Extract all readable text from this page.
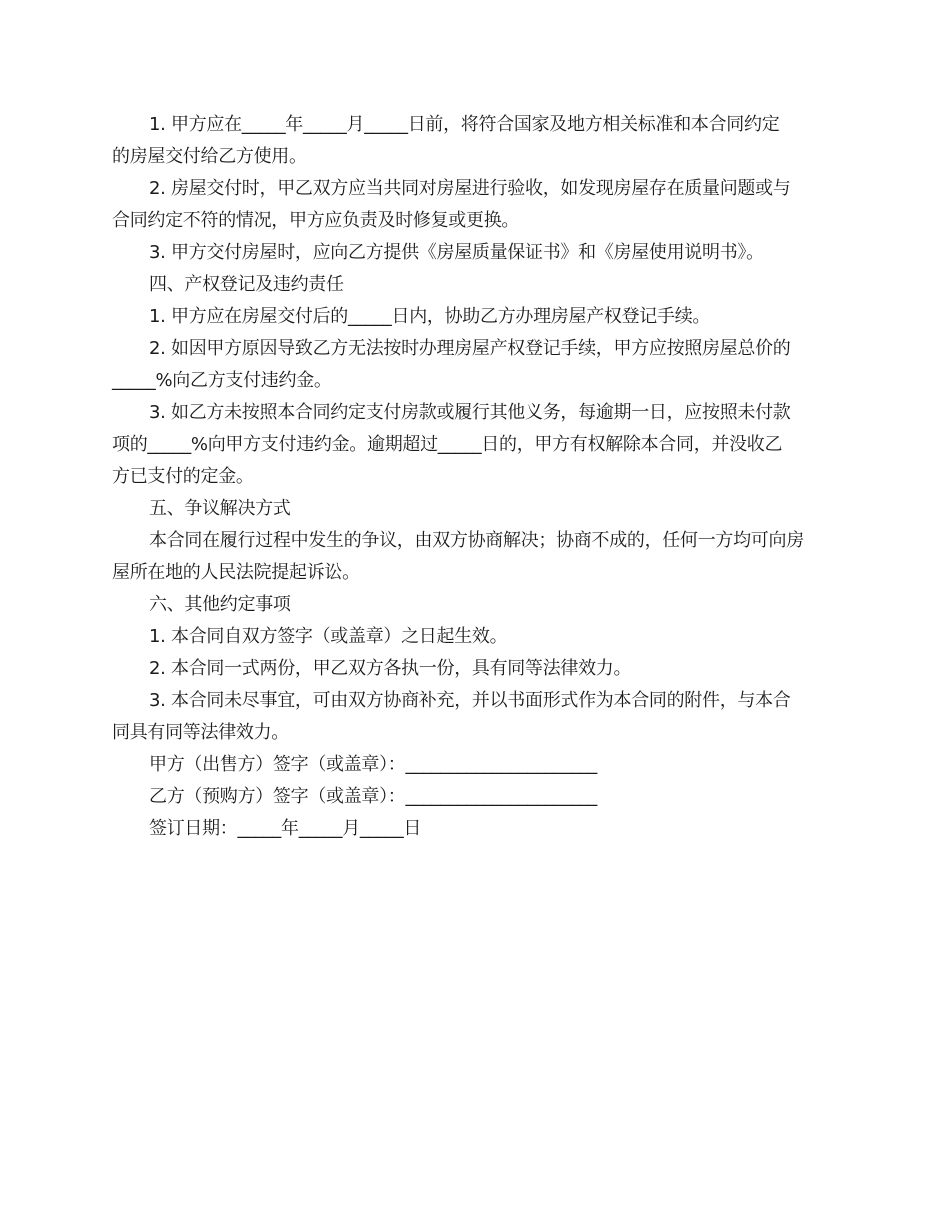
1. 甲方应在_____年_____月_____日前，将符合国家及地方相关标准和本合同约定
的房屋交付给乙方使用。
2. 房屋交付时，甲乙双方应当共同对房屋进行验收，如发现房屋存在质量问题或与
合同约定不符的情况，甲方应负责及时修复或更换。
3. 甲方交付房屋时，应向乙方提供《房屋质量保证书》和《房屋使用说明书》。
四、产权登记及违约责任
1. 甲方应在房屋交付后的_____日内，协助乙方办理房屋产权登记手续。
2. 如因甲方原因导致乙方无法按时办理房屋产权登记手续，甲方应按照房屋总价的
_____%向乙方支付违约金。
3. 如乙方未按照本合同约定支付房款或履行其他义务，每逾期一日，应按照未付款
项的_____%向甲方支付违约金。逾期超过_____日的，甲方有权解除本合同，并没收乙
方已支付的定金。
五、争议解决方式
本合同在履行过程中发生的争议，由双方协商解决；协商不成的，任何一方均可向房
屋所在地的人民法院提起诉讼。
六、其他约定事项
1. 本合同自双方签字（或盖章）之日起生效。
2. 本合同一式两份，甲乙双方各执一份，具有同等法律效力。
3. 本合同未尽事宜，可由双方协商补充，并以书面形式作为本合同的附件，与本合
同具有同等法律效力。
甲方（出售方）签字（或盖章）：______________________
乙方（预购方）签字（或盖章）：______________________
签订日期：_____年_____月_____日
